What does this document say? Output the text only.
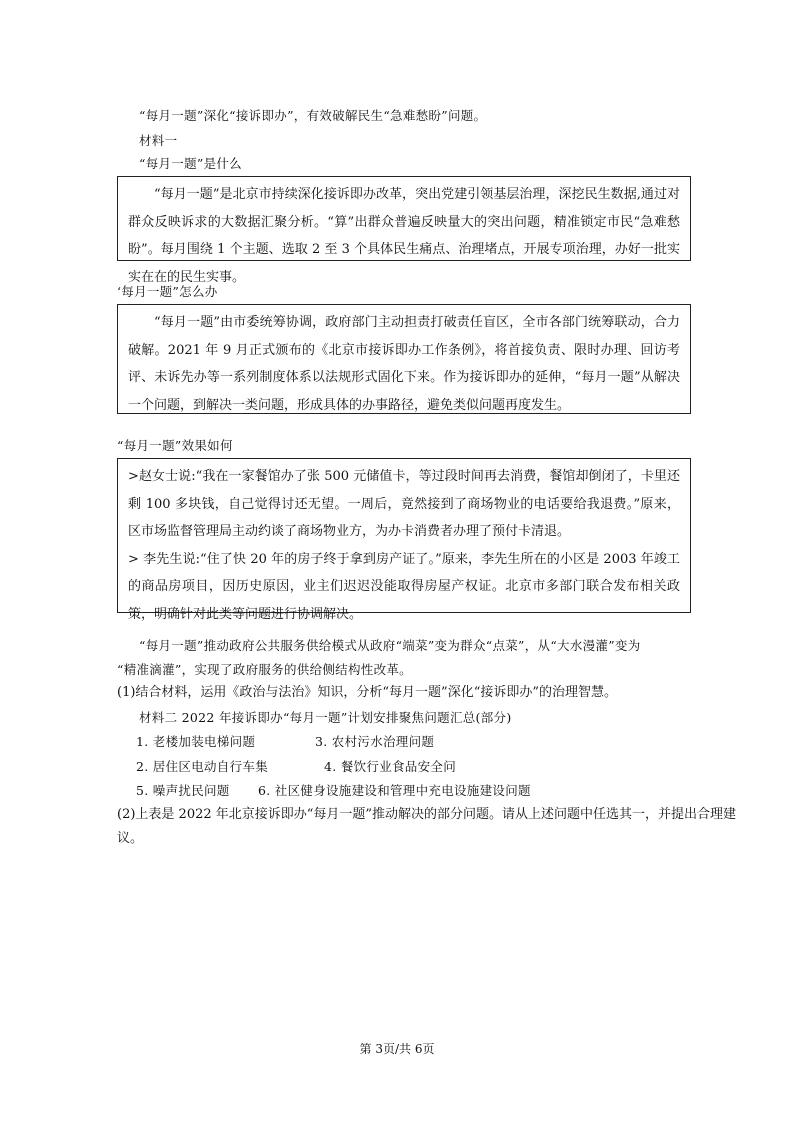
“每月一题”深化“接诉即办”，有效破解民生“急难愁盼”问题。
材料一
“每月一题”是什么

“每月一题”是北京市持续深化接诉即办改革，突出党建引领基层治理，深挖民生数据,通过对群众反映诉求的大数据汇聚分析。“算”出群众普遍反映量大的突出问题，精准锁定市民“急难愁盼”。每月围绕 1 个主题、选取 2 至 3 个具体民生痛点、治理堵点，开展专项治理，办好一批实实在在的民生实事。

‘每月一题”怎么办

“每月一题”由市委统筹协调，政府部门主动担责打破责任盲区，全市各部门统筹联动，合力破解。2021 年 9 月正式颁布的《北京市接诉即办工作条例》，将首接负责、限时办理、回访考评、未诉先办等一系列制度体系以法规形式固化下来。作为接诉即办的延伸，“每月一题”从解决一个问题，到解决一类问题，形成具体的办事路径，避免类似问题再度发生。

“每月一题”效果如何

>赵女士说:“我在一家餐馆办了张 500 元储值卡，等过段时间再去消费，餐馆却倒闭了，卡里还剩 100 多块钱，自己觉得讨还无望。一周后，竟然接到了商场物业的电话要给我退费。”原来，区市场监督管理局主动约谈了商场物业方，为办卡消费者办理了预付卡清退。

> 李先生说:“住了快 20 年的房子终于拿到房产证了。”原来，李先生所在的小区是 2003 年竣工的商品房项目，因历史原因，业主们迟迟没能取得房屋产权证。北京市多部门联合发布相关政策，明确针对此类等问题进行协调解决。

“每月一题”推动政府公共服务供给模式从政府“端菜”变为群众“点菜”，从“大水漫灌”变为
“精准滴灌”，实现了政府服务的供给侧结构性改革。
(1)结合材料，运用《政治与法治》知识，分析“每月一题”深化“接诉即办”的治理智慧。
材料二 2022 年接诉即办“每月一题”计划安排聚焦问题汇总(部分)
1. 老楼加装电梯问题	3. 农村污水治理问题
2. 居住区电动自行车集	4. 餐饮行业食品安全问
5. 噪声扰民问题 6. 社区健身设施建设和管理中充电设施建设问题
(2)上表是 2022 年北京接诉即办“每月一题”推动解决的部分问题。请从上述问题中任选其一，并提出合理建
议。
第 3页/共 6页
